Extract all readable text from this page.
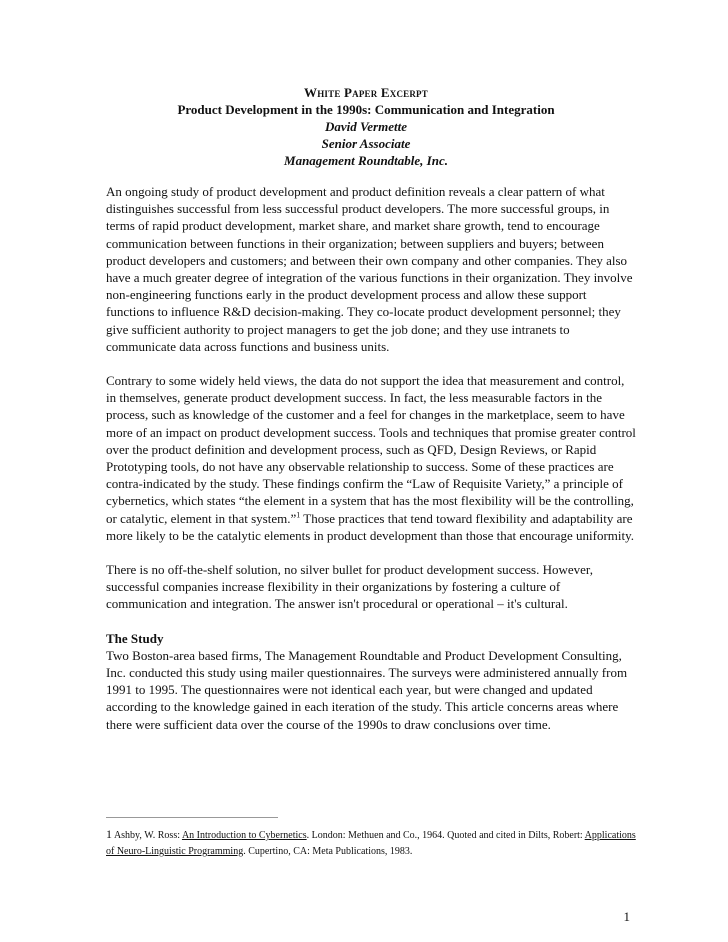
White Paper Excerpt
Product Development in the 1990s: Communication and Integration
David Vermette
Senior Associate
Management Roundtable, Inc.

An ongoing study of product development and product definition reveals a clear pattern of what distinguishes successful from less successful product developers. The more successful groups, in terms of rapid product development, market share, and market share growth, tend to encourage communication between functions in their organization; between suppliers and buyers; between product developers and customers; and between their own company and other companies. They also have a much greater degree of integration of the various functions in their organization. They involve non-engineering functions early in the product development process and allow these support functions to influence R&D decision-making. They co-locate product development personnel; they give sufficient authority to project managers to get the job done; and they use intranets to communicate data across functions and business units.

Contrary to some widely held views, the data do not support the idea that measurement and control, in themselves, generate product development success. In fact, the less measurable factors in the process, such as knowledge of the customer and a feel for changes in the marketplace, seem to have more of an impact on product development success. Tools and techniques that promise greater control over the product definition and development process, such as QFD, Design Reviews, or Rapid Prototyping tools, do not have any observable relationship to success. Some of these practices are contra-indicated by the study. These findings confirm the “Law of Requisite Variety,” a principle of cybernetics, which states “the element in a system that has the most flexibility will be the controlling, or catalytic, element in that system.”$^1$ Those practices that tend toward flexibility and adaptability are more likely to be the catalytic elements in product development than those that encourage uniformity.

There is no off-the-shelf solution, no silver bullet for product development success. However, successful companies increase flexibility in their organizations by fostering a culture of communication and integration. The answer isn't procedural or operational – it's cultural.

The Study

Two Boston-area based firms, The Management Roundtable and Product Development Consulting, Inc. conducted this study using mailer questionnaires. The surveys were administered annually from 1991 to 1995. The questionnaires were not identical each year, but were changed and updated according to the knowledge gained in each iteration of the study. This article concerns areas where there were sufficient data over the course of the 1990s to draw conclusions over time.

1 Ashby, W. Ross: An Introduction to Cybernetics. London: Methuen and Co., 1964. Quoted and cited in Dilts, Robert: Applications of Neuro-Linguistic Programming. Cupertino, CA: Meta Publications, 1983.
1
